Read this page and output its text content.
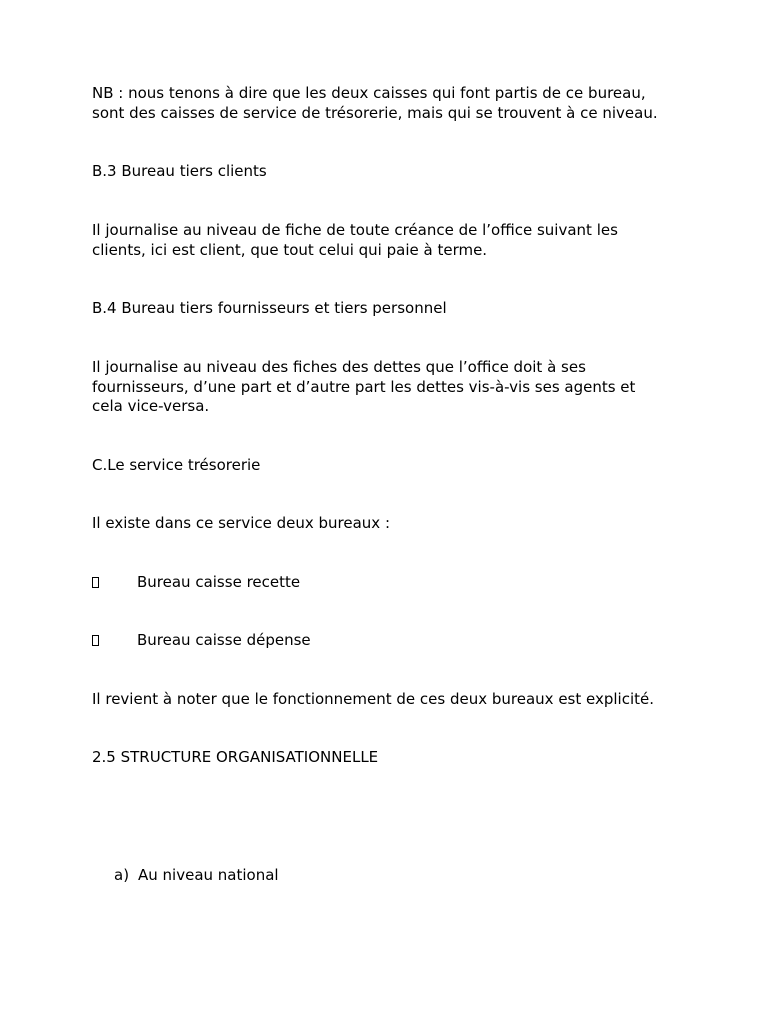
NB : nous tenons à dire que les deux caisses qui font partis de ce bureau,
sont des caisses de service de trésorerie, mais qui se trouvent à ce niveau.

B.3 Bureau tiers clients

Il journalise au niveau de fiche de toute créance de l’office suivant les
clients, ici est client, que tout celui qui paie à terme.

B.4 Bureau tiers fournisseurs et tiers personnel

Il journalise au niveau des fiches des dettes que l’office doit à ses
fournisseurs, d’une part et d’autre part les dettes vis-à-vis ses agents et
cela vice-versa.

C.Le service trésorerie

Il existe dans ce service deux bureaux :

Bureau caisse recette
Bureau caisse dépense

Il revient à noter que le fonctionnement de ces deux bureaux est explicité.

2.5 STRUCTURE ORGANISATIONNELLE

a) Au niveau national
